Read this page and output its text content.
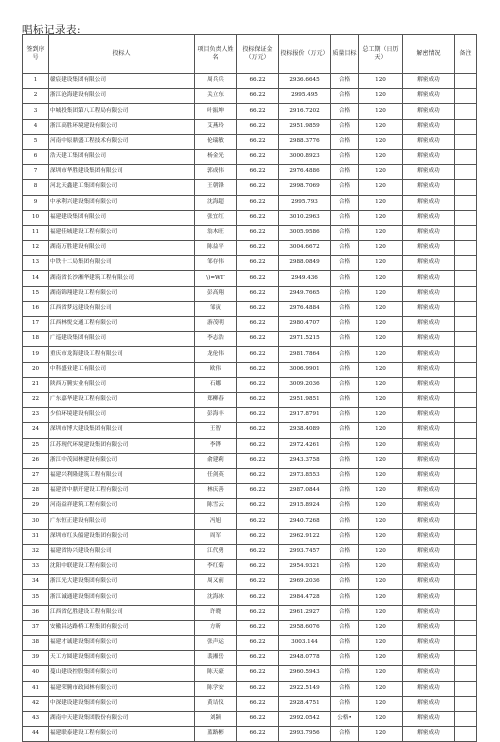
唱标记录表:
签到序号	投标人	项目负责人姓名	投标保证金（万元）	投标报价（万元）	质量目标	总工期（日历天）	解密情况	备注
1	赣宸建设集团有限公司	周兵兵	66.22	2936.6645	合格	120	解密成功	
2	浙江沧海建设有限公司	关立东	66.22	2995.495	合格	120	解密成功	
3	中城投集团第八工程局有限公司	叶振坤	66.22	2916.7202	合格	120	解密成功	
4	浙江高胜环境建设有限公司	艾燕玲	66.22	2951.9859	合格	120	解密成功	
5	河南中原鼎盛工程技术有限公司	伦瑞敏	66.22	2988.3776	合格	120	解密成功	
6	浩天建工集团有限公司	杨金光	66.22	3000.8923	合格	120	解密成功	
7	深圳市华胜建设集团有限公司	郭成伟	66.22	2976.4886	合格	120	解密成功	
8	河北天鑫建工集团有限公司	王朝锋	66.22	2998.7069	合格	120	解密成功	
9	中承利兴建设集团有限公司	沈海超	66.22	2995.793	合格	120	解密成功	
10	福建建设集团有限公司	张宜红	66.22	3010.2963	合格	120	解密成功	
11	福建佳城建设工程有限公司	翁木旺	66.22	3005.9586	合格	120	解密成功	
12	湖南万胜建设有限公司	陈益平	66.22	3004.6672	合格	120	解密成功	
13	中铁十二局集团有限公司	邹存伟	66.22	2988.0849	合格	120	解密成功	
14	湖南省长沙湘华建筑工程有限公司	\)=WΓ	66.22	2949.436	合格	120	解密成功	
15	湖南锦翔建设工程有限公司	彭高翔	66.22	2949.7665	合格	120	解密成功	
16	江西省梦远建设有限公司	邹寅	66.22	2976.4884	合格	120	解密成功	
17	江西林悦交通工程有限公司	游茂明	66.22	2980.4707	合格	120	解密成功	
18	广巡建设集团有限公司	李志浩	66.22	2971.5215	合格	120	解密成功	
19	重庆市龙海建设工程有限公司	龙伦伟	66.22	2981.7864	合格	120	解密成功	
20	中科盛业建工有限公司	欧伟	66.22	3006.9901	合格	120	解密成功	
21	陕西万腾实业有限公司	石娜	66.22	3009.2036	合格	120	解密成功	
22	广东嘉华建设工程有限公司	郑柳春	66.22	2951.9851	合格	120	解密成功	
23	少伯环境建设有限公司	彭海丰	66.22	2917.8791	合格	120	解密成功	
24	深圳市博大建设集团有限公司	王智	66.22	2938.4089	合格	120	解密成功	
25	江苏现代环境建设集团有限公司	李铧	66.22	2972.4261	合格	120	解密成功	
26	浙江中茂园林建设有限公司	俞建莉	66.22	2943.3758	合格	120	解密成功	
27	福建兴利隆建筑工程有限公司	任剑英	66.22	2973.8553	合格	120	解密成功	
28	福建省中鼎开建设工程有限公司	林庆善	66.22	2987.0844	合格	120	解密成功	
29	河南益祥建筑工程有限公司	陈雪云	66.22	2915.8924	合格	120	解密成功	
30	广东恒正建设有限公司	冯旭	66.22	2940.7268	合格	120	解密成功	
31	深圳市红头船建设集团有限公司	周军	66.22	2962.9122	合格	120	解密成功	
32	福建省协兴建设有限公司	江代勇	66.22	2993.7457	合格	120	解密成功	
33	沈阳中联建设工程有限公司	李红菊	66.22	2954.9321	合格	120	解密成功	
34	浙江光大建设集团有限公司	周又前	66.22	2969.2036	合格	120	解密成功	
35	浙江诚通建设集团有限公司	沈海冰	66.22	2984.4728	合格	120	解密成功	
36	江西省亿胜建设工程有限公司	许晓	66.22	2961.2927	合格	120	解密成功	
37	安徽昌达路桥工程集团有限公司	方昕	66.22	2958.6076	合格	120	解密成功	
38	福建才诚建设集团有限公司	张声运	66.22	3003.144	合格	120	解密成功	
39	天工方圆建设集团有限公司	裴湘岳	66.22	2948.0778	合格	120	解密成功	
40	蔓山建设控股集团有限公司	陈天豪	66.22	2960.5943	合格	120	解密成功	
41	福建荣腾市政园林有限公司	陈学安	66.22	2922.5149	合格	120	解密成功	
42	中深建设建设集团有限公司	黄诘仪	66.22	2928.4751	合格	120	解密成功	
43	湖南中天建设集团股份有限公司	刘颍	66.22	2992.0542	公格•	120	解密成功	
44	福建联泰建设工程有限公司	蓝路彬	66.22	2993.7956	合格	120	解密成功	
